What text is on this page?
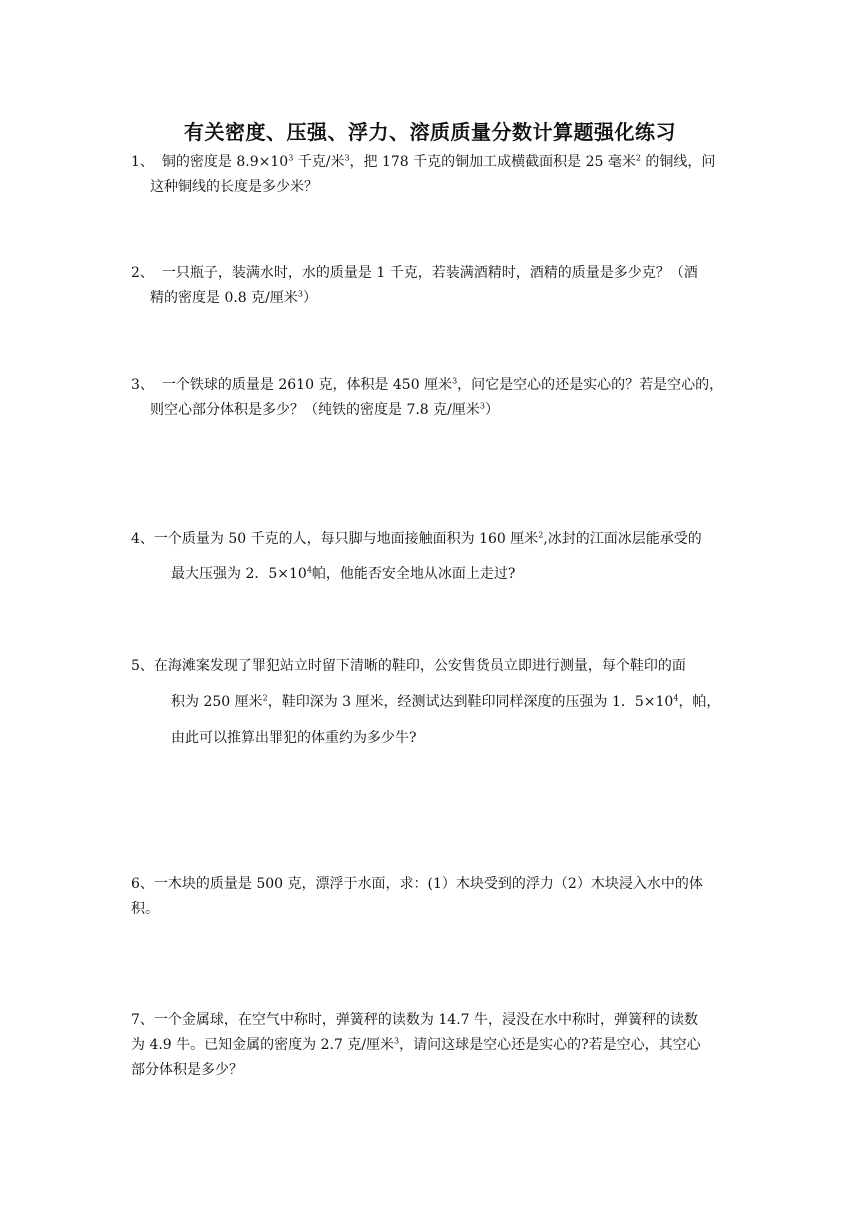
有关密度、压强、浮力、溶质质量分数计算题强化练习
1、 铜的密度是 $8.9\times 10^3$ 千克/米$^3$，把 178 千克的铜加工成横截面积是 25 毫米$^2$ 的铜线，问
这种铜线的长度是多少米？
2、 一只瓶子，装满水时，水的质量是 1 千克，若装满酒精时，酒精的质量是多少克？（酒
精的密度是 0.8 克/厘米$^3$）
3、 一个铁球的质量是 2610 克，体积是 450 厘米$^3$，问它是空心的还是实心的？若是空心的，
则空心部分体积是多少？（纯铁的密度是 7.8 克/厘米$^3$）
4、一个质量为 50 千克的人，每只脚与地面接触面积为 160 厘米$^2$,冰封的江面冰层能承受的
最大压强为 2．$5\times 10^4$帕，他能否安全地从冰面上走过?
5、在海滩案发现了罪犯站立时留下清晰的鞋印，公安售货员立即进行测量，每个鞋印的面
积为 250 厘米$^2$，鞋印深为 3 厘米，经测试达到鞋印同样深度的压强为 1．$5\times 10^4$，帕，
由此可以推算出罪犯的体重约为多少牛?
6、一木块的质量是 500 克，漂浮于水面，求：(1）木块受到的浮力（2）木块浸入水中的体
积。
7、一个金属球，在空气中称时，弹簧秤的读数为 14.7 牛，浸没在水中称时，弹簧秤的读数
为 4.9 牛。已知金属的密度为 2.7 克/厘米$^3$，请问这球是空心还是实心的?若是空心，其空心
部分体积是多少？
